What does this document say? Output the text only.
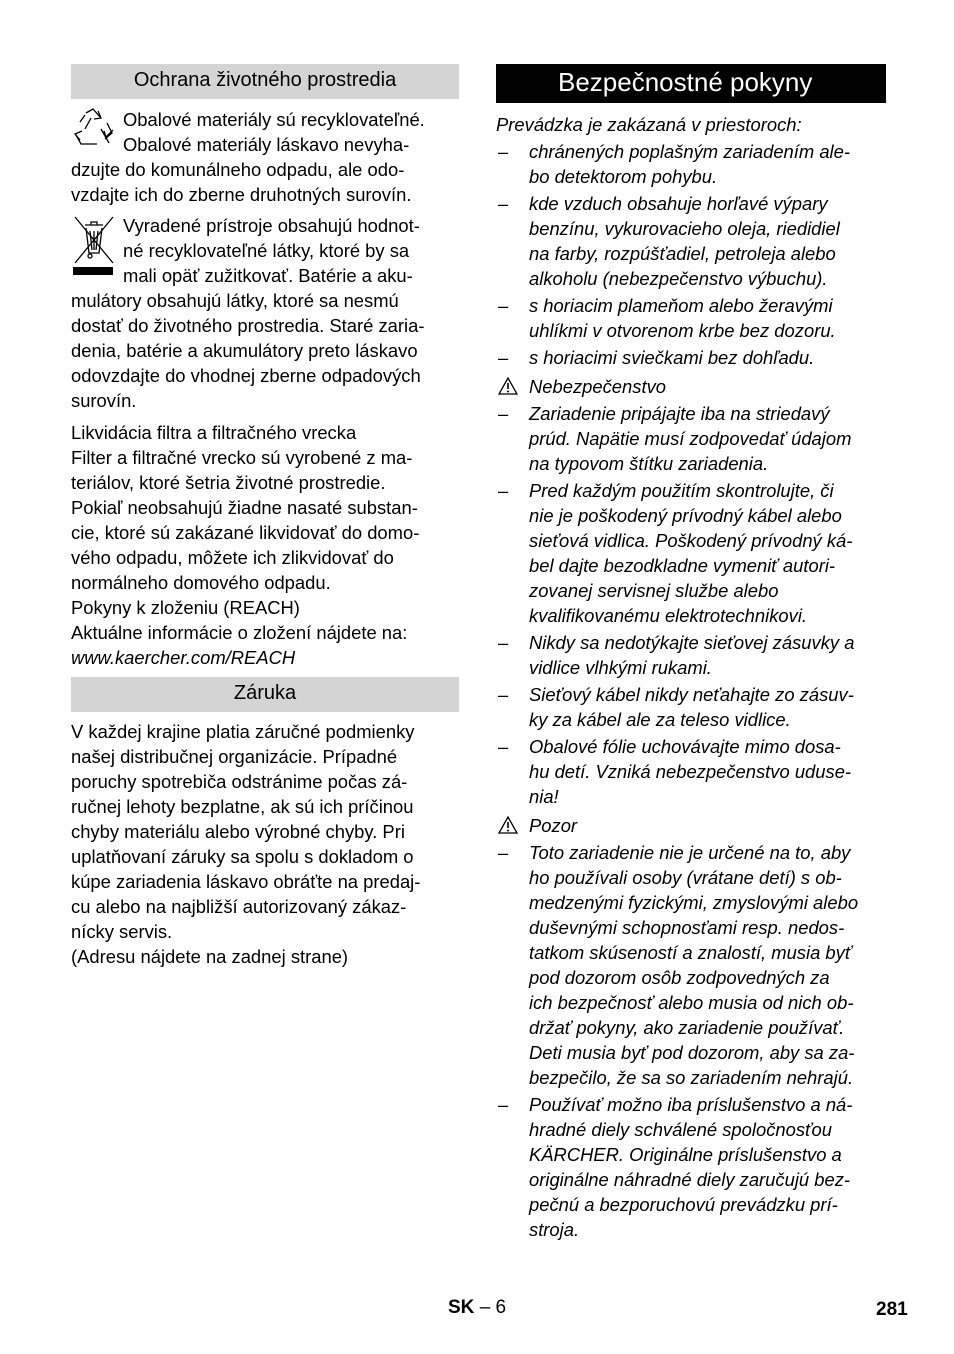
Ochrana životného prostredia

Obalové materiály sú recyklovateľné.
Obalové materiály láskavo nevyha-
dzujte do komunálneho odpadu, ale odo-
vzdajte ich do zberne druhotných surovín.

Vyradené prístroje obsahujú hodnot-
né recyklovateľné látky, ktoré by sa
mali opäť zužitkovať. Batérie a aku-
mulátory obsahujú látky, ktoré sa nesmú
dostať do životného prostredia. Staré zaria-
denia, batérie a akumulátory preto láskavo
odovzdajte do vhodnej zberne odpadových
surovín.

Likvidácia filtra a filtračného vrecka

Filter a filtračné vrecko sú vyrobené z ma-
teriálov, ktoré šetria životné prostredie.
Pokiaľ neobsahujú žiadne nasaté substan-
cie, ktoré sú zakázané likvidovať do domo-
vého odpadu, môžete ich zlikvidovať do
normálneho domového odpadu.

Pokyny k zloženiu (REACH)

Aktuálne informácie o zložení nájdete na:

www.kaercher.com/REACH

Záruka

V každej krajine platia záručné podmienky
našej distribučnej organizácie. Prípadné
poruchy spotrebiča odstránime počas zá-
ručnej lehoty bezplatne, ak sú ich príčinou
chyby materiálu alebo výrobné chyby. Pri
uplatňovaní záruky sa spolu s dokladom o
kúpe zariadenia láskavo obráťte na predaj-
cu alebo na najbližší autorizovaný zákaz-
nícky servis.

(Adresu nájdete na zadnej strane)

Bezpečnostné pokyny

Prevádzka je zakázaná v priestoroch:

– chránených poplašným zariadením ale-
bo detektorom pohybu.

– kde vzduch obsahuje horľavé výpary
benzínu, vykurovacieho oleja, riedidiel
na farby, rozpúšťadiel, petroleja alebo
alkoholu (nebezpečenstvo výbuchu).

– s horiacim plameňom alebo žeravými
uhlíkmi v otvorenom krbe bez dozoru.

– s horiacimi sviečkami bez dohľadu.

Nebezpečenstvo

– Zariadenie pripájajte iba na striedavý
prúd. Napätie musí zodpovedať údajom
na typovom štítku zariadenia.

– Pred každým použitím skontrolujte, či
nie je poškodený prívodný kábel alebo
sieťová vidlica. Poškodený prívodný ká-
bel dajte bezodkladne vymeniť autori-
zovanej servisnej službe alebo
kvalifikovanému elektrotechnikovi.

– Nikdy sa nedotýkajte sieťovej zásuvky a
vidlice vlhkými rukami.

– Sieťový kábel nikdy neťahajte zo zásuv-
ky za kábel ale za teleso vidlice.

– Obalové fólie uchovávajte mimo dosa-
hu detí. Vzniká nebezpečenstvo uduse-
nia!

Pozor

– Toto zariadenie nie je určené na to, aby
ho používali osoby (vrátane detí) s ob-
medzenými fyzickými, zmyslovými alebo
duševnými schopnosťami resp. nedos-
tatkom skúseností a znalostí, musia byť
pod dozorom osôb zodpovedných za
ich bezpečnosť alebo musia od nich ob-
držať pokyny, ako zariadenie používať.
Deti musia byť pod dozorom, aby sa za-
bezpečilo, že sa so zariadením nehrajú.

– Používať možno iba príslušenstvo a ná-
hradné diely schválené spoločnosťou
KÄRCHER. Originálne príslušenstvo a
originálne náhradné diely zaručujú bez-
pečnú a bezporuchovú prevádzku prí-
stroja.

SK – 6	281
